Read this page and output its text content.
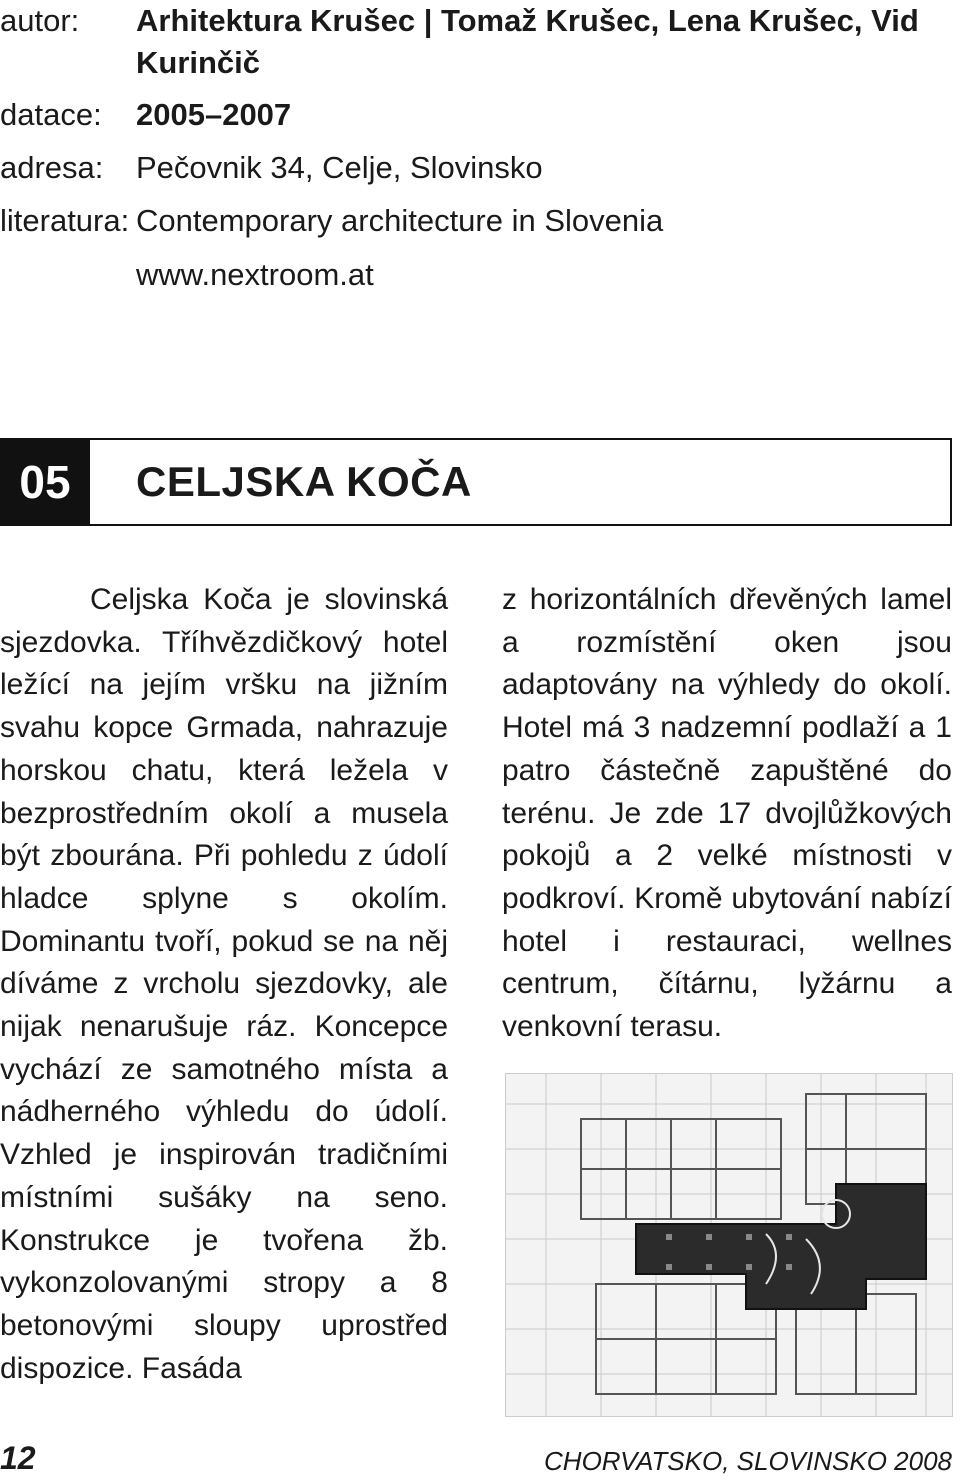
autor: Arhitektura Krušec | Tomaž Krušec, Lena Krušec, Vid Kurinčič
datace: 2005–2007
adresa: Pečovnik 34, Celje, Slovinsko
literatura: Contemporary architecture in Slovenia
www.nextroom.at
05	CELJSKA KOČA
Celjska Koča je slovinská sjezdovka. Tříhvězdičkový hotel ležící na jejím vršku na jižním svahu kopce Grmada, nahrazuje horskou chatu, která ležela v bezprostředním okolí a musela být zbourána. Při pohledu z údolí hladce splyne s okolím. Dominantu tvoří, pokud se na něj díváme z vrcholu sjezdovky, ale nijak nenarušuje ráz. Koncepce vychází ze samotného místa a nádherného výhledu do údolí. Vzhled je inspirován tradičními místními sušáky na seno. Konstrukce je tvořena žb. vykonzolovanými stropy a 8 betonovými sloupy uprostřed dispozice. Fasáda
z horizontálních dřevěných lamel a rozmístění oken jsou adaptovány na výhledy do okolí. Hotel má 3 nadzemní podlaží a 1 patro částečně zapuštěné do terénu. Je zde 17 dvojlůžkových pokojů a 2 velké místnosti v podkroví. Kromě ubytování nabízí hotel i restauraci, wellnes centrum, čítárnu, lyžárnu a venkovní terasu.
12	CHORVATSKO, SLOVINSKO 2008
